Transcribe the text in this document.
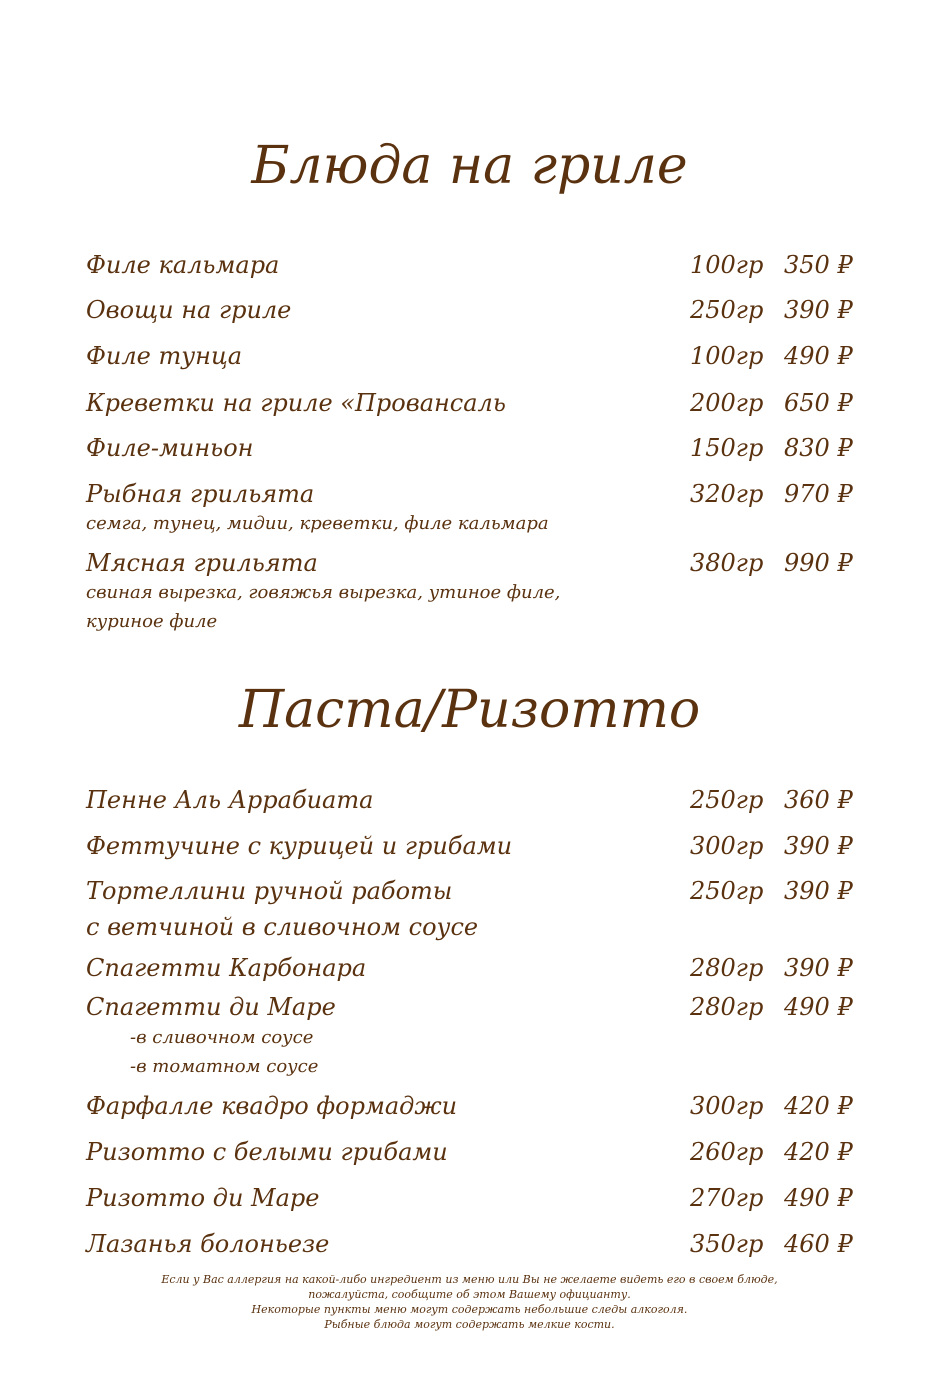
Блюда на гриле
Филе кальмара	100гр 350 ₽
Овощи на гриле	250гр 390 ₽
Филе тунца	100гр 490 ₽
Креветки на гриле «Провансаль	200гр 650 ₽
Филе-миньон	150гр 830 ₽
Рыбная грильята	320гр 970 ₽
семга, тунец, мидии, креветки, филе кальмара
Мясная грильята	380гр 990 ₽
свиная вырезка, говяжья вырезка, утиное филе,
куриное филе
Паста/Ризотто
Пенне Аль Аррабиата	250гр 360 ₽
Феттучине с курицей и грибами	300гр 390 ₽
Тортеллини ручной работы	250гр 390 ₽
с ветчиной в сливочном соусе
Спагетти Карбонара	280гр 390 ₽
Спагетти ди Маре	280гр 490 ₽
-в сливочном соусе
-в томатном соусе
Фарфалле квадро формаджи	300гр 420 ₽
Ризотто с белыми грибами	260гр 420 ₽
Ризотто ди Маре	270гр 490 ₽
Лазанья болоньезе	350гр 460 ₽
Если у Вас аллергия на какой-либо ингредиент из меню или Вы не желаете видеть его в своем блюде,
пожалуйста, сообщите об этом Вашему официанту.
Некоторые пункты меню могут содержать небольшие следы алкоголя.
Рыбные блюда могут содержать мелкие кости.
